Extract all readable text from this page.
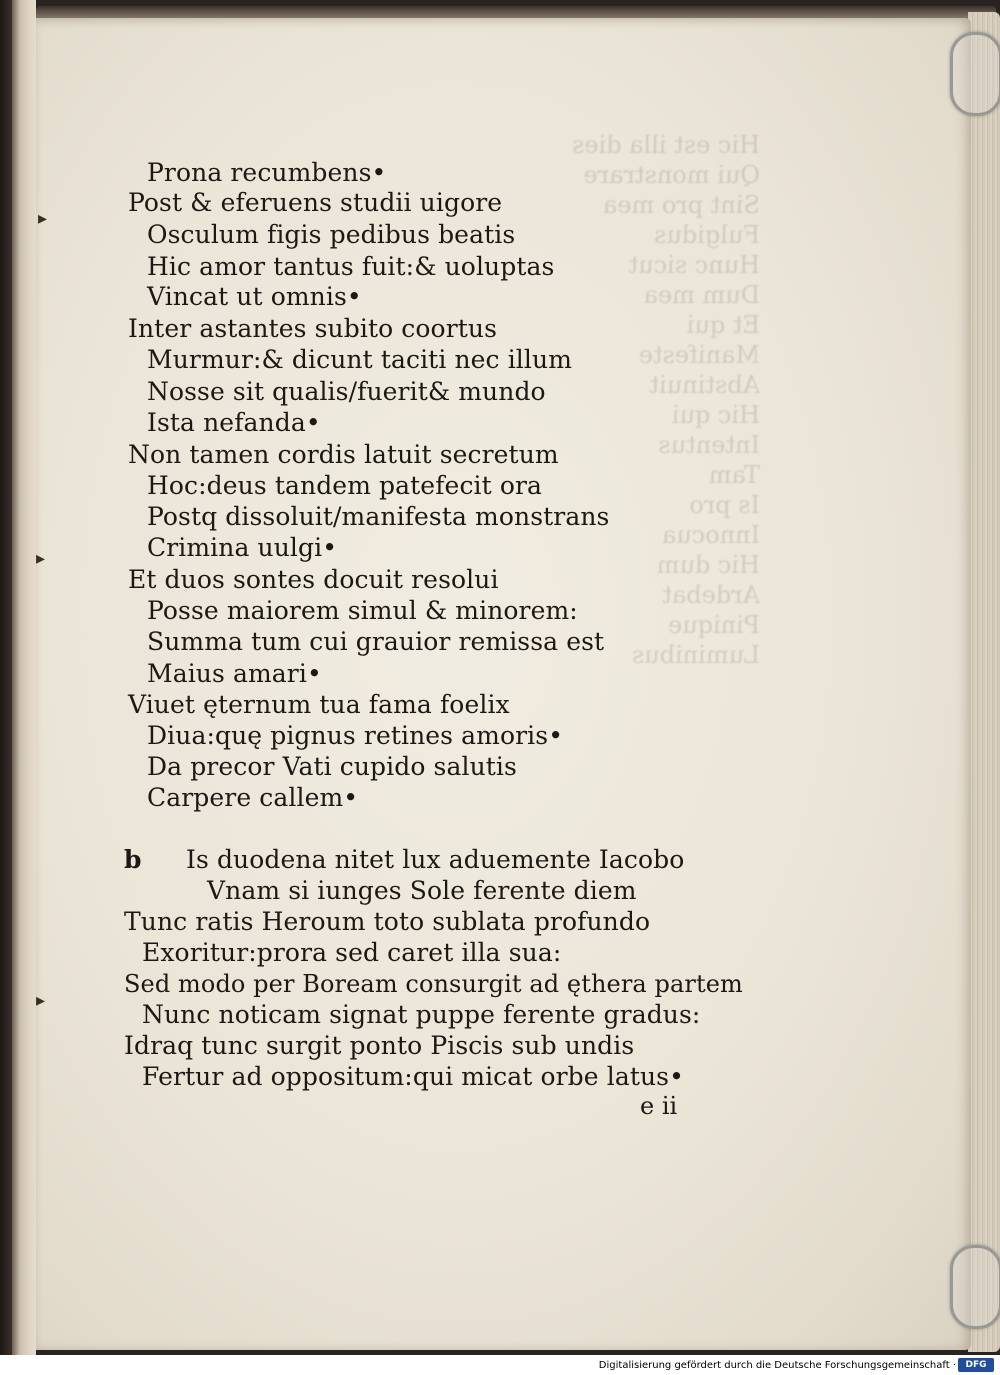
Hic est illa dies
Qui monstrare
Sint pro mea
Fulgidus
Hunc sicut
Dum mea
Et qui
Manifeste
Abstinuit
Hic qui
Intentus
Tam
Is pro
Innocua
Hic dum
Ardebat
Pinique
Luminibus
▸
▸
▸
Prona recumbens•
Post & eferuens studii uigore
Osculum figis pedibus beatis
Hic amor tantus fuit:& uoluptas
Vincat ut omnis•
Inter astantes subito coortus
Murmur:& dicunt taciti nec illum
Nosse sit qualis/fuerit& mundo
Ista nefanda•
Non tamen cordis latuit secretum
Hoc:deus tandem patefecit ora
Postq dissoluit/manifesta monstrans
Crimina uulgi•
Et duos sontes docuit resolui
Posse maiorem simul & minorem:
Summa tum cui grauior remissa est
Maius amari•
Viuet ęternum tua fama foelix
Diua:quę pignus retines amoris•
Da precor Vati cupido salutis
Carpere callem•
b Is duodena nitet lux aduemente Iacobo
Vnam si iunges Sole ferente diem
Tunc ratis Heroum toto sublata profundo
Exoritur:prora sed caret illa sua:
Sed modo per Boream consurgit ad ęthera partem
Nunc noticam signat puppe ferente gradus:
Idraq tunc surgit ponto Piscis sub undis
Fertur ad oppositum:qui micat orbe latus•
e ii
Digitalisierung gefördert durch die Deutsche Forschungsgemeinschaft ·	DFG
